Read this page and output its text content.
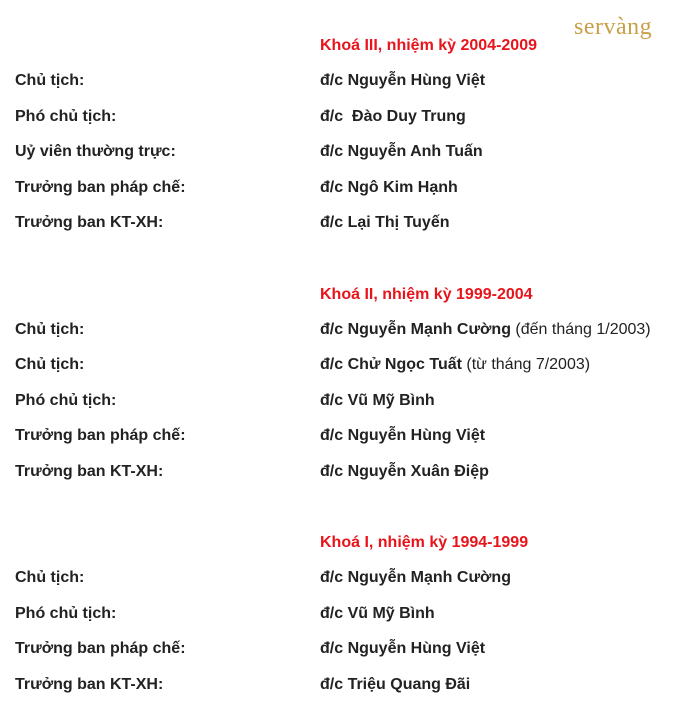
servàng
Khoá III, nhiệm kỳ 2004-2009
Chủ tịch:	đ/c Nguyễn Hùng Việt
Phó chủ tịch:	đ/c  Đào Duy Trung
Uỷ viên thường trực:	đ/c Nguyễn Anh Tuấn
Trưởng ban pháp chế:	đ/c Ngô Kim Hạnh
Trưởng ban KT-XH:	đ/c Lại Thị Tuyến
Khoá II, nhiệm kỳ 1999-2004
Chủ tịch:	đ/c Nguyễn Mạnh Cường (đến tháng 1/2003)
Chủ tịch:	đ/c Chử Ngọc Tuất (từ tháng 7/2003)
Phó chủ tịch:	đ/c Vũ Mỹ Bình
Trưởng ban pháp chế:	đ/c Nguyễn Hùng Việt
Trưởng ban KT-XH:	đ/c Nguyễn Xuân Điệp
Khoá I, nhiệm kỳ 1994-1999
Chủ tịch:	đ/c Nguyễn Mạnh Cường
Phó chủ tịch:	đ/c Vũ Mỹ Bình
Trưởng ban pháp chế:	đ/c Nguyễn Hùng Việt
Trưởng ban KT-XH:	đ/c Triệu Quang Đãi
